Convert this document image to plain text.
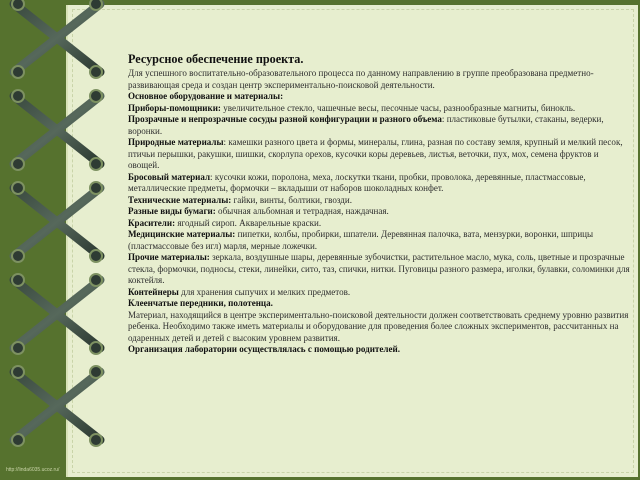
Ресурсное обеспечение проекта.

Для успешного воспитательно-образовательного процесса по данному направлению в группе преобразована предметно-развивающая среда и создан центр экспериментально-поисковой деятельности.

Основное оборудование и материалы:

Приборы-помощники: увеличительное стекло, чашечные весы, песочные часы, разнообразные магниты, бинокль.

Прозрачные и непрозрачные сосуды разной конфигурации и разного объема: пластиковые бутылки, стаканы, ведерки, воронки.

Природные материалы: камешки разного цвета и формы, минералы, глина, разная по составу земля, крупный и мелкий песок, птичьи перышки, ракушки, шишки, скорлупа орехов, кусочки коры деревьев, листья, веточки, пух, мох, семена фруктов и овощей.

Бросовый материал: кусочки кожи, поролона, меха, лоскутки ткани, пробки, проволока, деревянные, пластмассовые, металлические предметы, формочки – вкладыши от наборов шоколадных конфет.

Технические материалы: гайки, винты, болтики, гвозди.

Разные виды бумаги: обычная альбомная и тетрадная, наждачная.

Красители: ягодный сироп. Акварельные краски.

Медицинские материалы: пипетки, колбы, пробирки, шпатели. Деревянная палочка, вата, мензурки, воронки, шприцы (пластмассовые без игл) марля, мерные ложечки.

Прочие материалы: зеркала, воздушные шары, деревянные зубочистки, растительное масло, мука, соль, цветные и прозрачные стекла, формочки, подносы, стеки, линейки, сито, таз, спички, нитки. Пуговицы разного размера, иголки, булавки, соломинки для коктейля.

Контейнеры для хранения сыпучих и мелких предметов.

Клеенчатые передники, полотенца.

Материал, находящийся в центре экспериментально-поисковой деятельности должен соответствовать среднему уровню развития ребенка. Необходимо также иметь материалы и оборудование для проведения более сложных экспериментов, рассчитанных на одаренных детей и детей с высоким уровнем развития.

Организация лаборатории осуществлялась с помощью родителей.

http://linda6035.ucoz.ru/
